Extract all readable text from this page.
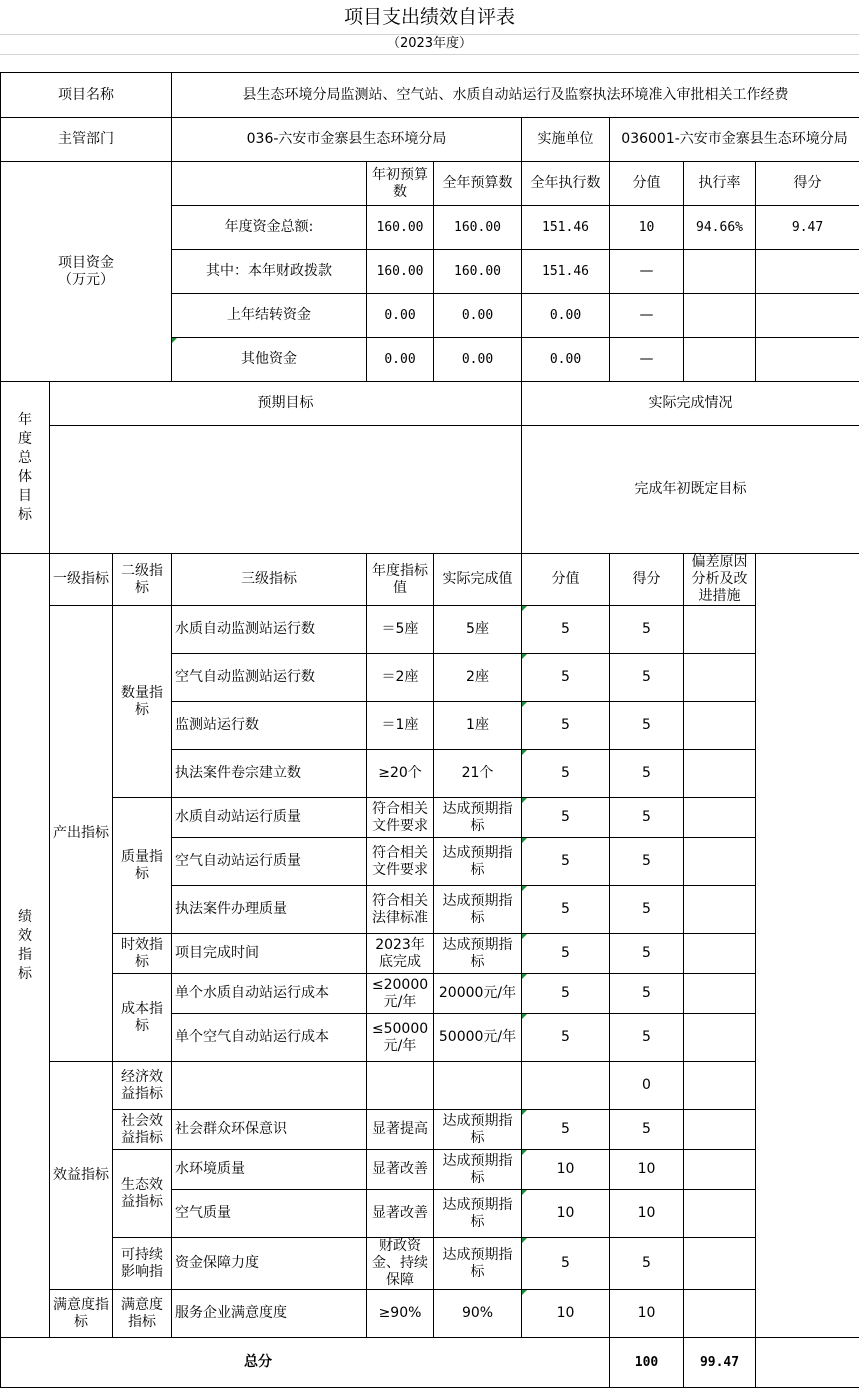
项目支出绩效自评表
（2023年度）
项目名称			县生态环境分局监测站、空气站、水质自动站运行及监察执法环境准入审批相关工作经费						
主管部门			036-六安市金寨县生态环境分局			实施单位	036001-六安市金寨县生态环境分局		
项目资金
（万元）				年初预算数	全年预算数	全年执行数	分值	执行率	得分
			年度资金总额:	160.00	160.00	151.46	10	94.66%	9.47
			其中：本年财政拨款	160.00	160.00	151.46	—		
			上年结转资金	0.00	0.00	0.00	—		
			其他资金	0.00	0.00	0.00	—		
年度总体目标	预期目标					实际完成情况			
						完成年初既定目标			
绩效指标	一级指标	二级指标	三级指标	年度指标值	实际完成值	分值	得分	偏差原因分析及改进措施	
	产出指标	数量指标	水质自动监测站运行数	＝5座	5座	5	5		
			空气自动监测站运行数	＝2座	2座	5	5		
			监测站运行数	＝1座	1座	5	5		
			执法案件卷宗建立数	≥20个	21个	5	5		
		质量指标	水质自动站运行质量	符合相关文件要求	达成预期指标	5	5		
			空气自动站运行质量	符合相关文件要求	达成预期指标	5	5		
			执法案件办理质量	符合相关法律标准	达成预期指标	5	5		
		时效指标	项目完成时间	2023年底完成	达成预期指标	5	5		
		成本指标	单个水质自动站运行成本	≤20000元/年	20000元/年	5	5		
			单个空气自动站运行成本	≤50000元/年	50000元/年	5	5		
	效益指标	经济效益指标					0		
		社会效益指标	社会群众环保意识	显著提高	达成预期指标	5	5		
		生态效益指标	水环境质量	显著改善	达成预期指标	10	10		
			空气质量	显著改善	达成预期指标	10	10		
		可持续影响指	资金保障力度	财政资金、持续保障	达成预期指标	5	5		
	满意度指标	满意度指标	服务企业满意度度	≥90%	90%	10	10		
总分							100	99.47	
